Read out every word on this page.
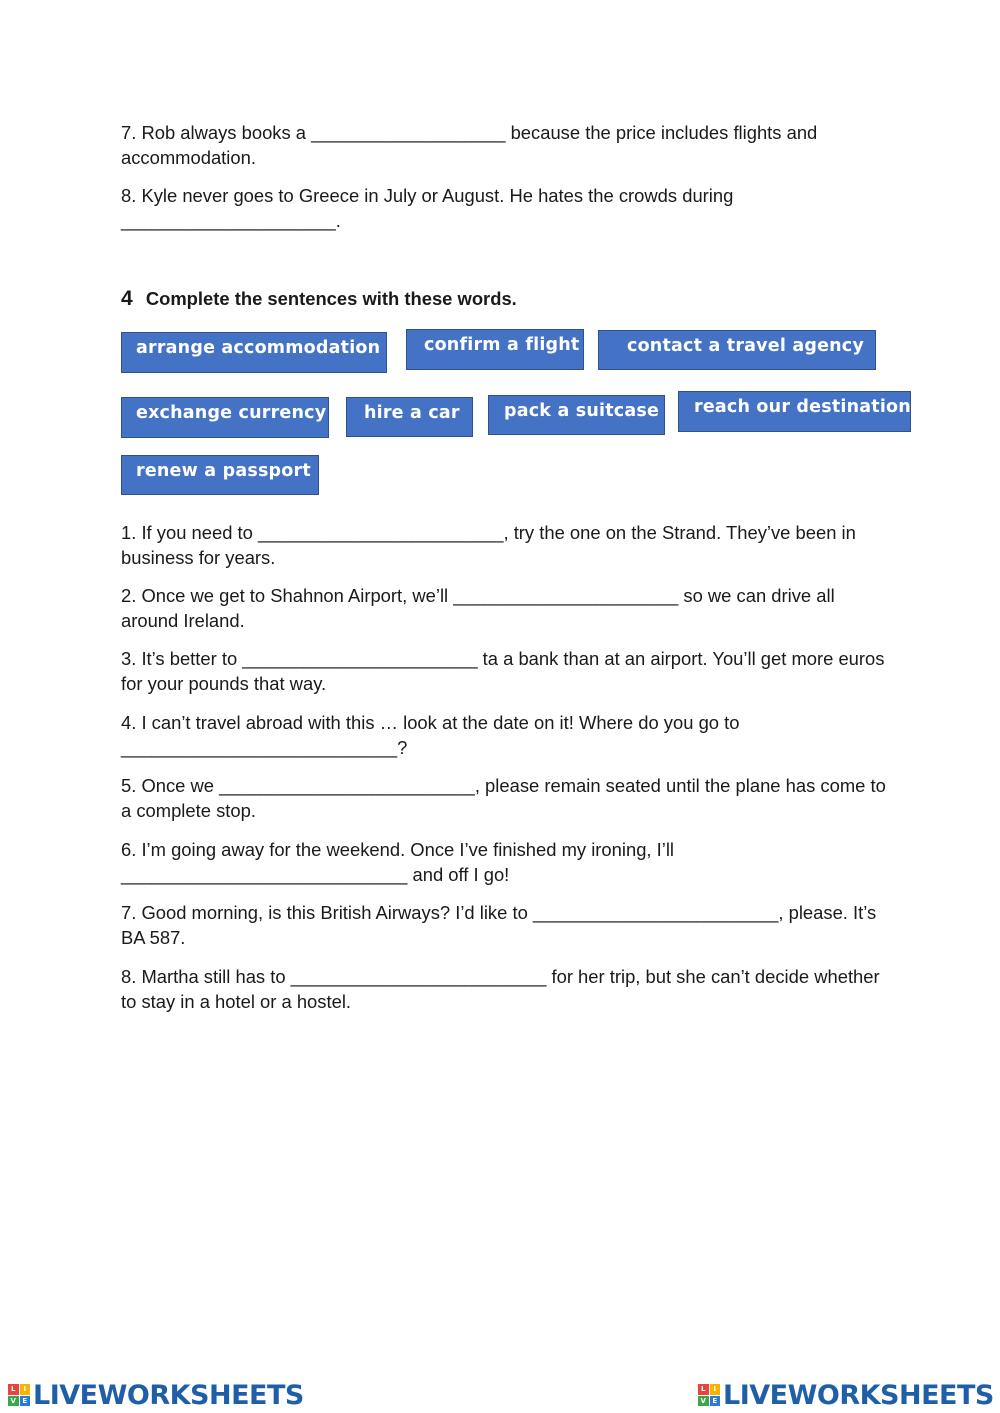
7. Rob always books a ___________________ because the price includes flights and accommodation.

8. Kyle never goes to Greece in July or August. He hates the crowds during _____________________.

4 Complete the sentences with these words.
arrange accommodation	confirm a flight	contact a travel agency
exchange currency	hire a car	pack a suitcase	reach our destination
renew a passport

1. If you need to ________________________, try the one on the Strand. They’ve been in business for years.

2. Once we get to Shahnon Airport, we’ll ______________________ so we can drive all around Ireland.

3. It’s better to _______________________ ta a bank than at an airport. You’ll get more euros for your pounds that way.

4. I can’t travel abroad with this … look at the date on it! Where do you go to ___________________________?

5. Once we _________________________, please remain seated until the plane has come to a complete stop.

6. I’m going away for the weekend. Once I’ve finished my ironing, I’ll ____________________________ and off I go!

7. Good morning, is this British Airways? I’d like to ________________________, please. It’s BA 587.

8. Martha still has to _________________________ for her trip, but she can’t decide whether to stay in a hotel or a hostel.

L	I
V E LIVEWORKSHEETS	L	I
V E LIVEWORKSHEETS
